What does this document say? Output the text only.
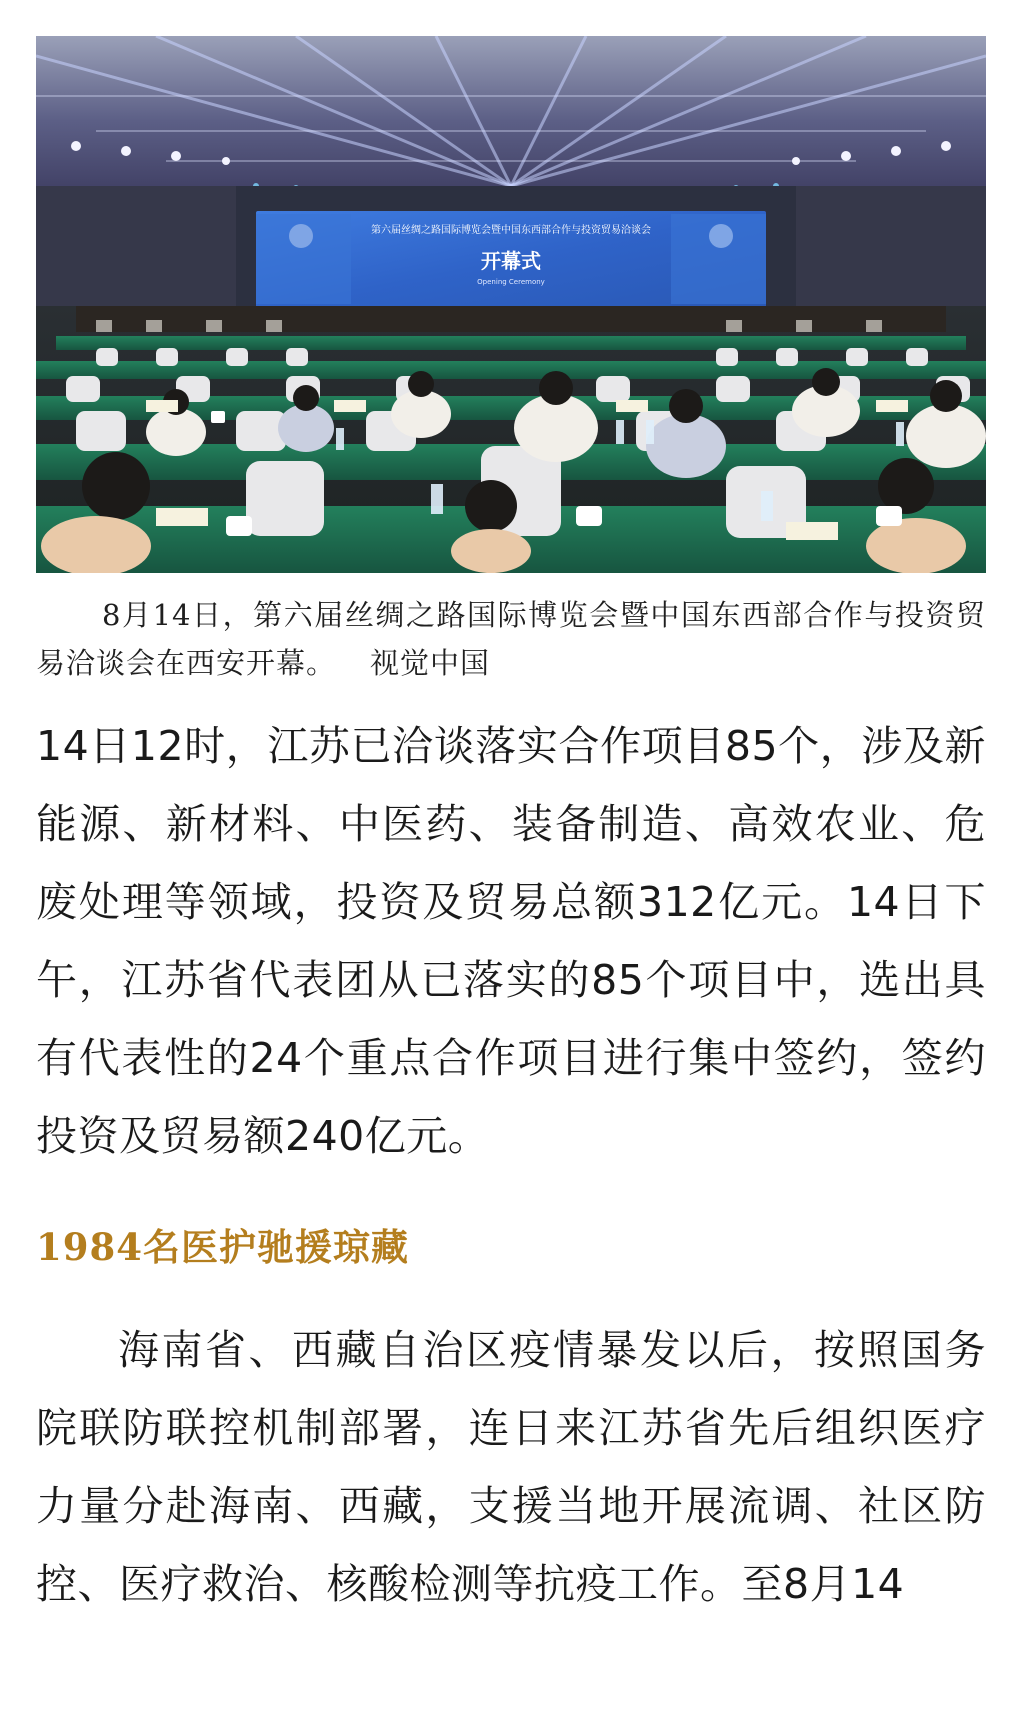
第六届丝绸之路国际博览会暨中国东西部合作与投资贸易洽谈会
开幕式
Opening Ceremony
8月14日，第六届丝绸之路国际博览会暨中国东西部合作与投资贸易洽谈会在西安开幕。 视觉中国
14日12时，江苏已洽谈落实合作项目85个，涉及新能源、新材料、中医药、装备制造、高效农业、危废处理等领域，投资及贸易总额312亿元。14日下午，江苏省代表团从已落实的85个项目中，选出具有代表性的24个重点合作项目进行集中签约，签约投资及贸易额240亿元。
1984名医护驰援琼藏
海南省、西藏自治区疫情暴发以后，按照国务院联防联控机制部署，连日来江苏省先后组织医疗力量分赴海南、西藏，支援当地开展流调、社区防控、医疗救治、核酸检测等抗疫工作。至8月14
